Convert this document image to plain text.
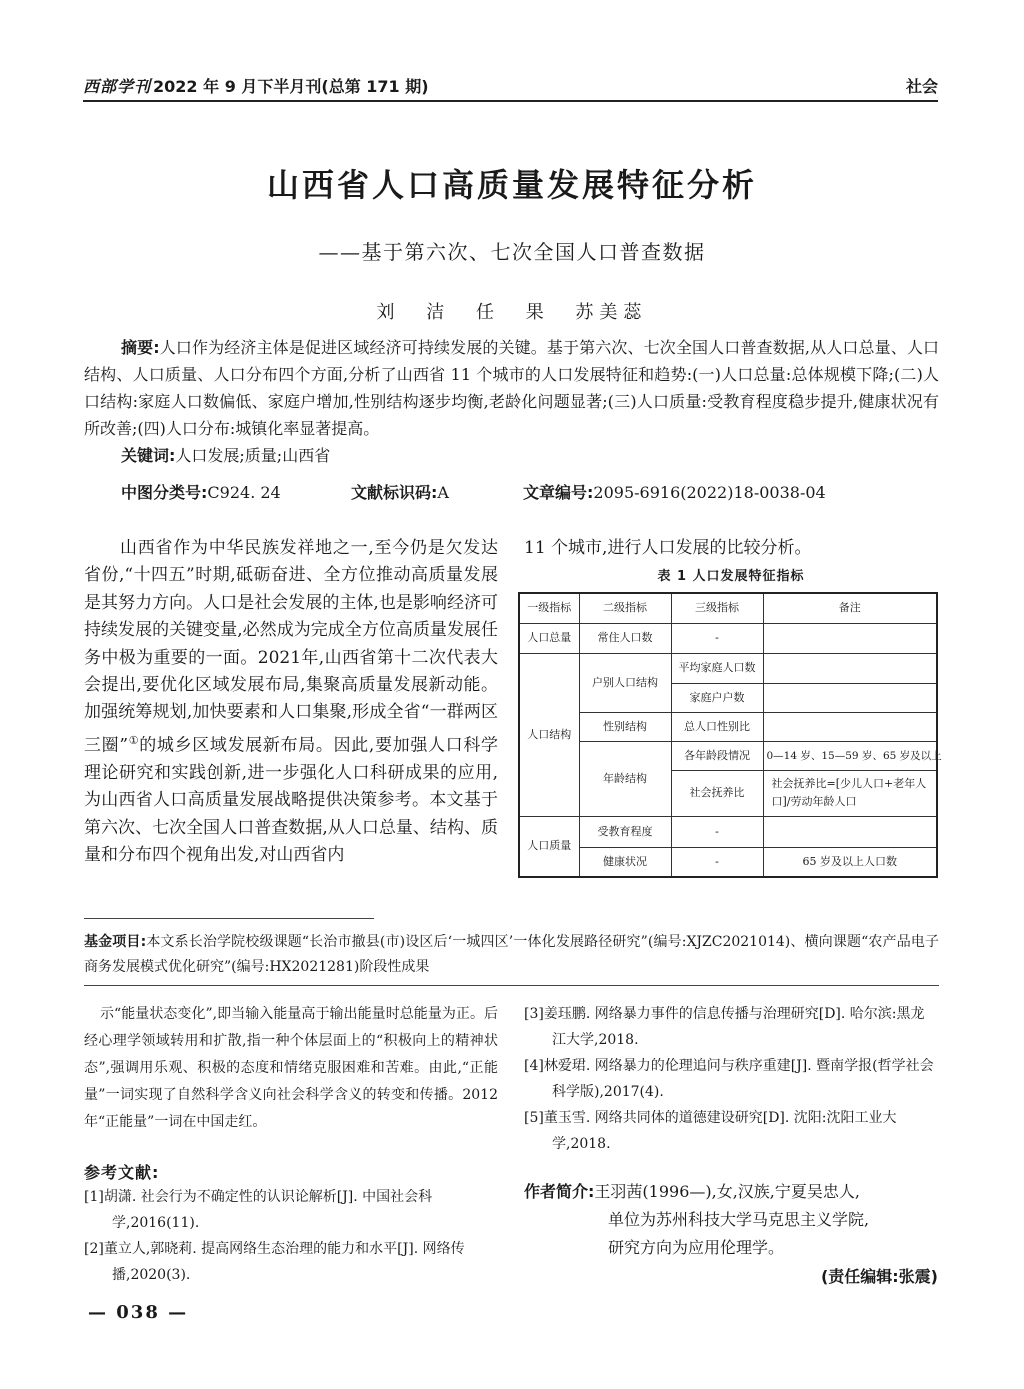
西部学刊 2022 年 9 月下半月刊(总第 171 期)	社会
山西省人口高质量发展特征分析
——基于第六次、七次全国人口普查数据
刘 洁 任 果 苏美蕊

摘要:人口作为经济主体是促进区域经济可持续发展的关键。基于第六次、七次全国人口普查数据,从人口总量、人口结构、人口质量、人口分布四个方面,分析了山西省 11 个城市的人口发展特征和趋势:(一)人口总量:总体规模下降;(二)人口结构:家庭人口数偏低、家庭户增加,性别结构逐步均衡,老龄化问题显著;(三)人口质量:受教育程度稳步提升,健康状况有所改善;(四)人口分布:城镇化率显著提高。

关键词:人口发展;质量;山西省

中图分类号:C924. 24	文献标识码:A	文章编号:2095-6916(2022)18-0038-04

山西省作为中华民族发祥地之一,至今仍是欠发达省份,“十四五”时期,砥砺奋进、全方位推动高质量发展是其努力方向。人口是社会发展的主体,也是影响经济可持续发展的关键变量,必然成为完成全方位高质量发展任务中极为重要的一面。2021年,山西省第十二次代表大会提出,要优化区域发展布局,集聚高质量发展新动能。加强统筹规划,加快要素和人口集聚,形成全省“一群两区三圈”①的城乡区域发展新布局。因此,要加强人口科学理论研究和实践创新,进一步强化人口科研成果的应用,为山西省人口高质量发展战略提供决策参考。本文基于第六次、七次全国人口普查数据,从人口总量、结构、质量和分布四个视角出发,对山西省内

11 个城市,进行人口发展的比较分析。
表 1 人口发展特征指标
一级指标	二级指标	三级指标	备注
人口总量	常住人口数	-	
人口结构	户别人口结构	平均家庭人口数	
		家庭户户数	
	性别结构	总人口性别比	
	年龄结构	各年龄段情况	0—14 岁、15—59 岁、65 岁及以上
		社会抚养比	社会抚养比=[少儿人口+老年人口]/劳动年龄人口

人口质量	受教育程度	-	
	健康状况	-	65 岁及以上人口数

基金项目:本文系长治学院校级课题“长治市撤县(市)设区后‘一城四区’一体化发展路径研究”(编号:XJZC2021014)、横向课题“农产品电子商务发展模式优化研究”(编号:HX2021281)阶段性成果

示“能量状态变化”,即当输入能量高于输出能量时总能量为正。后经心理学领域转用和扩散,指一种个体层面上的“积极向上的精神状态”,强调用乐观、积极的态度和情绪克服困难和苦难。由此,“正能量”一词实现了自然科学含义向社会科学含义的转变和传播。2012 年“正能量”一词在中国走红。

参考文献:

[1]胡潇. 社会行为不确定性的认识论解析[J]. 中国社会科学,2016(11).

[2]董立人,郭晓莉. 提高网络生态治理的能力和水平[J]. 网络传播,2020(3).

[3]姜珏鹏. 网络暴力事件的信息传播与治理研究[D]. 哈尔滨:黑龙江大学,2018.

[4]林爱珺. 网络暴力的伦理追问与秩序重建[J]. 暨南学报(哲学社会科学版),2017(4).

[5]董玉雪. 网络共同体的道德建设研究[D]. 沈阳:沈阳工业大学,2018.

作者简介:王羽茜(1996—),女,汉族,宁夏吴忠人,

单位为苏州科技大学马克思主义学院,

研究方向为应用伦理学。

(责任编辑:张震)
— 038 —
